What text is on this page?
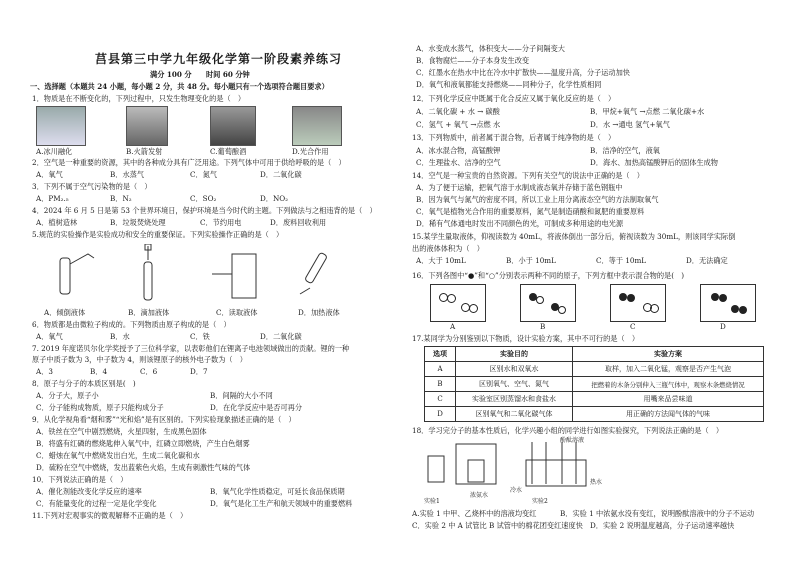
莒县第三中学九年级化学第一阶段素养练习
满分 100 分　　时间 60 分钟
一、选择题（本题共 24 小题，每小题 2 分，共 48 分。每小题只有一个选项符合题目要求）
1．物质是在不断变化的，下列过程中，只发生物理变化的是（　）
A.冰川融化	B.火箭发射	C.葡萄酿酒	D.光合作用
2．空气是一种重要的资源，其中的各种成分具有广泛用途。下列气体中可用于供给呼吸的是（　）
A．氧气	B．水蒸气	C．氮气	D．二氧化碳
3．下列不属于空气污染物的是（　）
A．PM₂.₅	B．N₂	C．SO₂	D．NO₂
4．2024 年 6 月 5 日是第 53 个世界环境日，保护环境是当今时代的主题。下列做法与之相违背的是（　）
A．植树造林	B．垃圾焚烧处理	C．节约用电	D．废料回收利用
5.规范的实验操作是实验成功和安全的重要保证。下列实验操作正确的是（　）
A．倾倒液体	B．滴加液体	C．读取液体	D．加热液体
6．物质都是由微粒子构成的。下列物质由原子构成的是（　）
A．氧气	B．水	C．铁	D．二氧化碳
7. 2019 年度诺贝尔化学奖授予了三位科学家，以表彰他们在锂离子电池领域做出的贡献。锂的一种
原子中质子数为 3，中子数为 4，则该锂原子的核外电子数为（　）
A．3	B．4	C．6	D．7
8．原子与分子的本质区别是(　)
A．分子大，原子小	B．间隔的大小不同
C．分子能构成物质，原子只能构成分子	D．在化学反应中是否可再分
9．从化学视角看“烟和雾”“光和焰”是有区别的。下列实验现象描述正确的是（　）
A．铁丝在空气中剧烈燃烧，火星四射，生成黑色固体
B．将盛有红磷的燃烧匙伸入氧气中，红磷立即燃烧，产生白色烟雾
C．蜡烛在氧气中燃烧发出白光，生成二氧化碳和水
D．硫粉在空气中燃烧，发出蓝紫色火焰，生成有刺激性气味的气体
10．下列说法正确的是（　）
A．催化剂能改变化学反应的速率	B．氧气化学性质稳定，可延长食品保质期
C．有能量变化的过程一定是化学变化	D．氧气是化工生产和航天领域中的重要燃料
11.下列对宏观事实的微观解释不正确的是（　）
A．水变成水蒸气，体积变大——分子间隔变大
B．食物腐烂——分子本身发生改变
C．红墨水在热水中比在冷水中扩散快——温度升高，分子运动加快
D．氧气和液氧都能支持燃烧——同种分子，化学性质相同
12．下列化学反应中既属于化合反应又属于氧化反应的是（　）
A．二氧化碳 + 水 → 碳酸	B．甲烷+氧气 →点燃 二氧化碳+水
C．氢气 + 氧气 →点燃 水	D．水 →通电 氢气+氧气
13．下列物质中，前者属于混合物，后者属于纯净物的是（　）
A．冰水混合物，高锰酸钾	B．洁净的空气，液氧
C．生理盐水、洁净的空气	D．海水、加热高锰酸钾后的固体生成物
14．空气是一种宝贵的自然资源。下列有关空气的说法中正确的是（　）
A．为了便于运输，把氧气溶于水制成液态氧并存储于蓝色钢瓶中
B．因为氧气与氮气的密度不同，所以工业上用分离液态空气的方法制取氧气
C．氧气是植物光合作用的重要原料，氮气是制造硝酸和氮肥的重要原料
D．稀有气体通电时发出不同颜色的光，可制成多种用途的电光源
15.某学生量取液体，仰视读数为 40mL，将液体倒出一部分后，俯视读数为 30mL，则该同学实际倒
出的液体体积为（　）
A．大于 10mL	B．小于 10mL	C．等于 10mL	D．无法确定
16．下列各图中“●”和“○”分别表示两种不同的原子，下列方框中表示混合物的是(　)
A	B	C	D
17.某同学为分别鉴别以下物质，设计实验方案，其中不可行的是（　）
选项	实验目的	实验方案
A	区别水和双氧水	取样，加入二氧化锰，观察是否产生气泡
B	区别氧气、空气、氮气	把燃着的木条分别伸入三瓶气体中，观察木条燃烧情况
C	实验室区别蒸馏水和食盐水	用嘴来品尝味道
D	区别氧气和二氧化碳气体	用正确的方法闻气体的气味
18．学习完分子的基本性质后，化学兴趣小组的同学进行如图实验探究，下列说法正确的是（　）
实验1	实验2
浓氨水
酚酞溶液
热水
冷水
A.实验 1 中甲、乙烧杯中的溶液均变红	B．实验 1 中浓氨水没有变红，说明酚酞溶液中的分子不运动
C．实验 2 中 A 试管比 B 试管中的棉花团变红速度快 D．实验 2 说明温度越高，分子运动速率越快
